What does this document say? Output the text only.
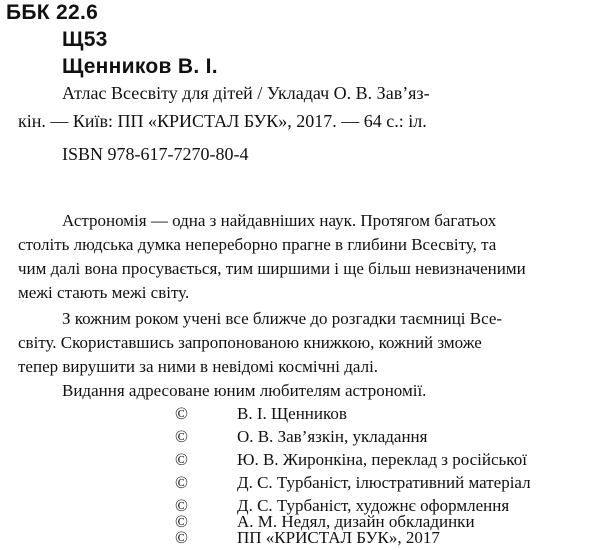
ББК 22.6
Щ53
Щенников В. І.
Атлас Всесвіту для дітей / Укладач О. В. Зав’яз-
кін. — Київ: ПП «КРИСТАЛ БУК», 2017. — 64 с.: іл.
ISBN 978-617-7270-80-4
Астрономія — одна з найдавніших наук. Протягом багатьох
століть людська думка непереборно прагне в глибини Всесвіту, та
чим далі вона просувається, тим ширшими і ще більш невизначеними
межі стають межі світу.
З кожним роком учені все ближче до розгадки таємниці Все-
світу. Скориставшись запропонованою книжкою, кожний зможе
тепер вирушити за ними в невідомі космічні далі.
Видання адресоване юним любителям астрономії.
©	В. І. Щенников
©	О. В. Зав’язкін, укладання
©	Ю. В. Жиронкіна, переклад з російської
©	Д. С. Турбаніст, ілюстративний матеріал
©	Д. С. Турбаніст, художнє оформлення
©	А. М. Недял, дизайн обкладинки
©	ПП «КРИСТАЛ БУК», 2017
